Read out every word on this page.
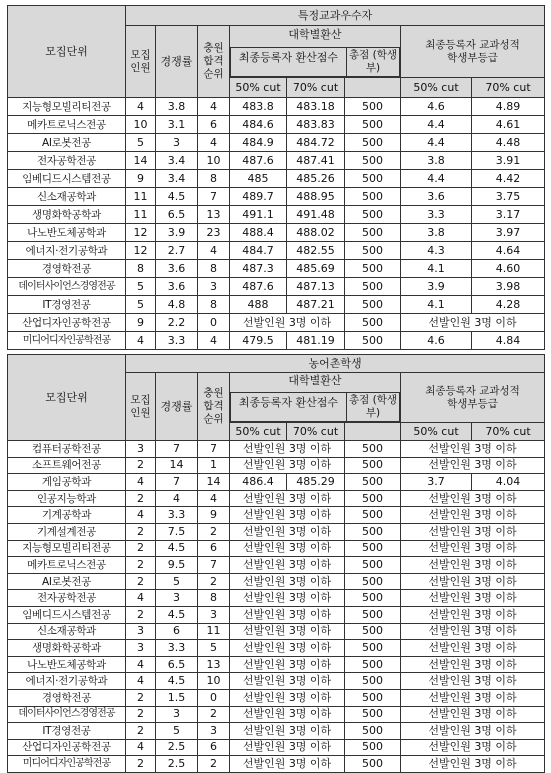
모집단위	특정교과우수자							
	모집 인원	경쟁률	충원 합격 순위	대학별환산
최종등록자 환산점수 총점 (학생부)			최종등록자 교과성적 학생부등급	
				50% cut	70% cut		50% cut	70% cut
지능형모빌리티전공	4	3.8	4	483.8	483.18	500	4.6	4.89
메카트로닉스전공	10	3.1	6	484.6	483.83	500	4.4	4.61
AI로봇전공	5	3	4	484.9	484.72	500	4.4	4.48
전자공학전공	14	3.4	10	487.6	487.41	500	3.8	3.91
임베디드시스템전공	9	3.4	8	485	485.26	500	4.4	4.42
신소재공학과	11	4.5	7	489.7	488.95	500	3.6	3.75
생명화학공학과	11	6.5	13	491.1	491.48	500	3.3	3.17
나노반도체공학과	12	3.9	23	488.4	488.02	500	3.8	3.97
에너지·전기공학과	12	2.7	4	484.7	482.55	500	4.3	4.64
경영학전공	8	3.6	8	487.3	485.69	500	4.1	4.60
데이터사이언스경영전공	5	3.6	3	487.6	487.13	500	3.9	3.98
IT경영전공	5	4.8	8	488	487.21	500	4.1	4.28
산업디자인공학전공	9	2.2	0	선발인원 3명 이하		500	선발인원 3명 이하	
미디어디자인공학전공	4	3.3	4	479.5	481.19	500	4.6	4.84
모집단위	농어촌학생							
	모집 인원	경쟁률	충원 합격 순위	대학별환산
최종등록자 환산점수 총점 (학생부)			최종등록자 교과성적 학생부등급	
				50% cut	70% cut		50% cut	70% cut
컴퓨터공학전공	3	7	7	선발인원 3명 이하		500	선발인원 3명 이하	
소프트웨어전공	2	14	1	선발인원 3명 이하		500	선발인원 3명 이하	
게임공학과	4	7	14	486.4	485.29	500	3.7	4.04
인공지능학과	2	4	4	선발인원 3명 이하		500	선발인원 3명 이하	
기계공학과	4	3.3	9	선발인원 3명 이하		500	선발인원 3명 이하	
기계설계전공	2	7.5	2	선발인원 3명 이하		500	선발인원 3명 이하	
지능형모빌리티전공	2	4.5	6	선발인원 3명 이하		500	선발인원 3명 이하	
메카트로닉스전공	2	9.5	7	선발인원 3명 이하		500	선발인원 3명 이하	
AI로봇전공	2	5	2	선발인원 3명 이하		500	선발인원 3명 이하	
전자공학전공	4	3	8	선발인원 3명 이하		500	선발인원 3명 이하	
임베디드시스템전공	2	4.5	3	선발인원 3명 이하		500	선발인원 3명 이하	
신소재공학과	3	6	11	선발인원 3명 이하		500	선발인원 3명 이하	
생명화학공학과	3	3.3	5	선발인원 3명 이하		500	선발인원 3명 이하	
나노반도체공학과	4	6.5	13	선발인원 3명 이하		500	선발인원 3명 이하	
에너지·전기공학과	4	4.5	10	선발인원 3명 이하		500	선발인원 3명 이하	
경영학전공	2	1.5	0	선발인원 3명 이하		500	선발인원 3명 이하	
데이터사이언스경영전공	2	3	2	선발인원 3명 이하		500	선발인원 3명 이하	
IT경영전공	2	5	3	선발인원 3명 이하		500	선발인원 3명 이하	
산업디자인공학전공	4	2.5	6	선발인원 3명 이하		500	선발인원 3명 이하	
미디어디자인공학전공	2	2.5	2	선발인원 3명 이하		500	선발인원 3명 이하	
